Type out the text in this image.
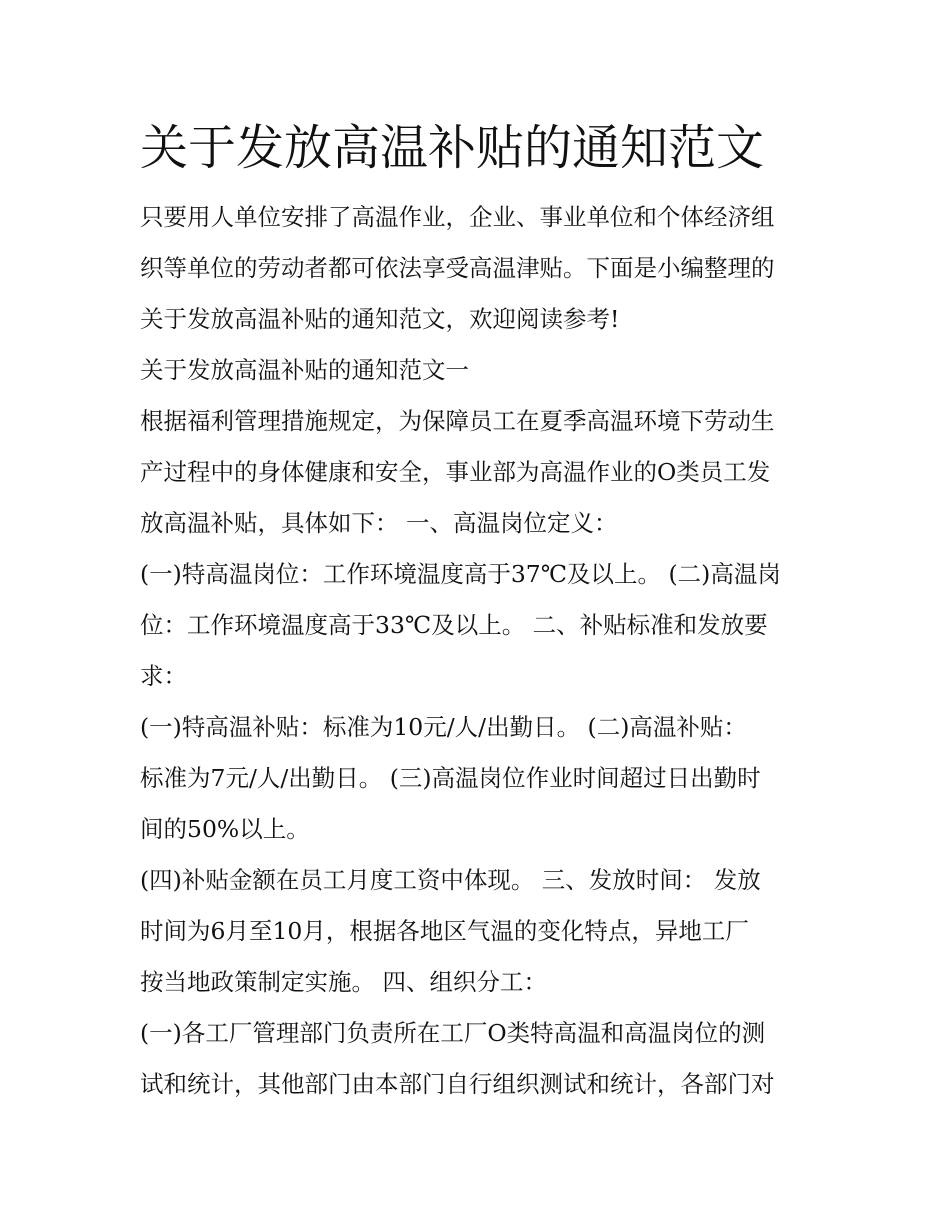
关于发放高温补贴的通知范文

只要用人单位安排了高温作业，企业、事业单位和个体经济组

织等单位的劳动者都可依法享受高温津贴。下面是小编整理的

关于发放高温补贴的通知范文，欢迎阅读参考!

关于发放高温补贴的通知范文一

根据福利管理措施规定，为保障员工在夏季高温环境下劳动生

产过程中的身体健康和安全，事业部为高温作业的O类员工发

放高温补贴，具体如下： 一、高温岗位定义：

(一)特高温岗位：工作环境温度高于37℃及以上。 (二)高温岗

位：工作环境温度高于33℃及以上。 二、补贴标准和发放要

求：

(一)特高温补贴：标准为10元/人/出勤日。 (二)高温补贴：

标准为7元/人/出勤日。 (三)高温岗位作业时间超过日出勤时

间的50%以上。

(四)补贴金额在员工月度工资中体现。 三、发放时间： 发放

时间为6月至10月，根据各地区气温的变化特点，异地工厂

按当地政策制定实施。 四、组织分工：

(一)各工厂管理部门负责所在工厂O类特高温和高温岗位的测

试和统计，其他部门由本部门自行组织测试和统计，各部门对
